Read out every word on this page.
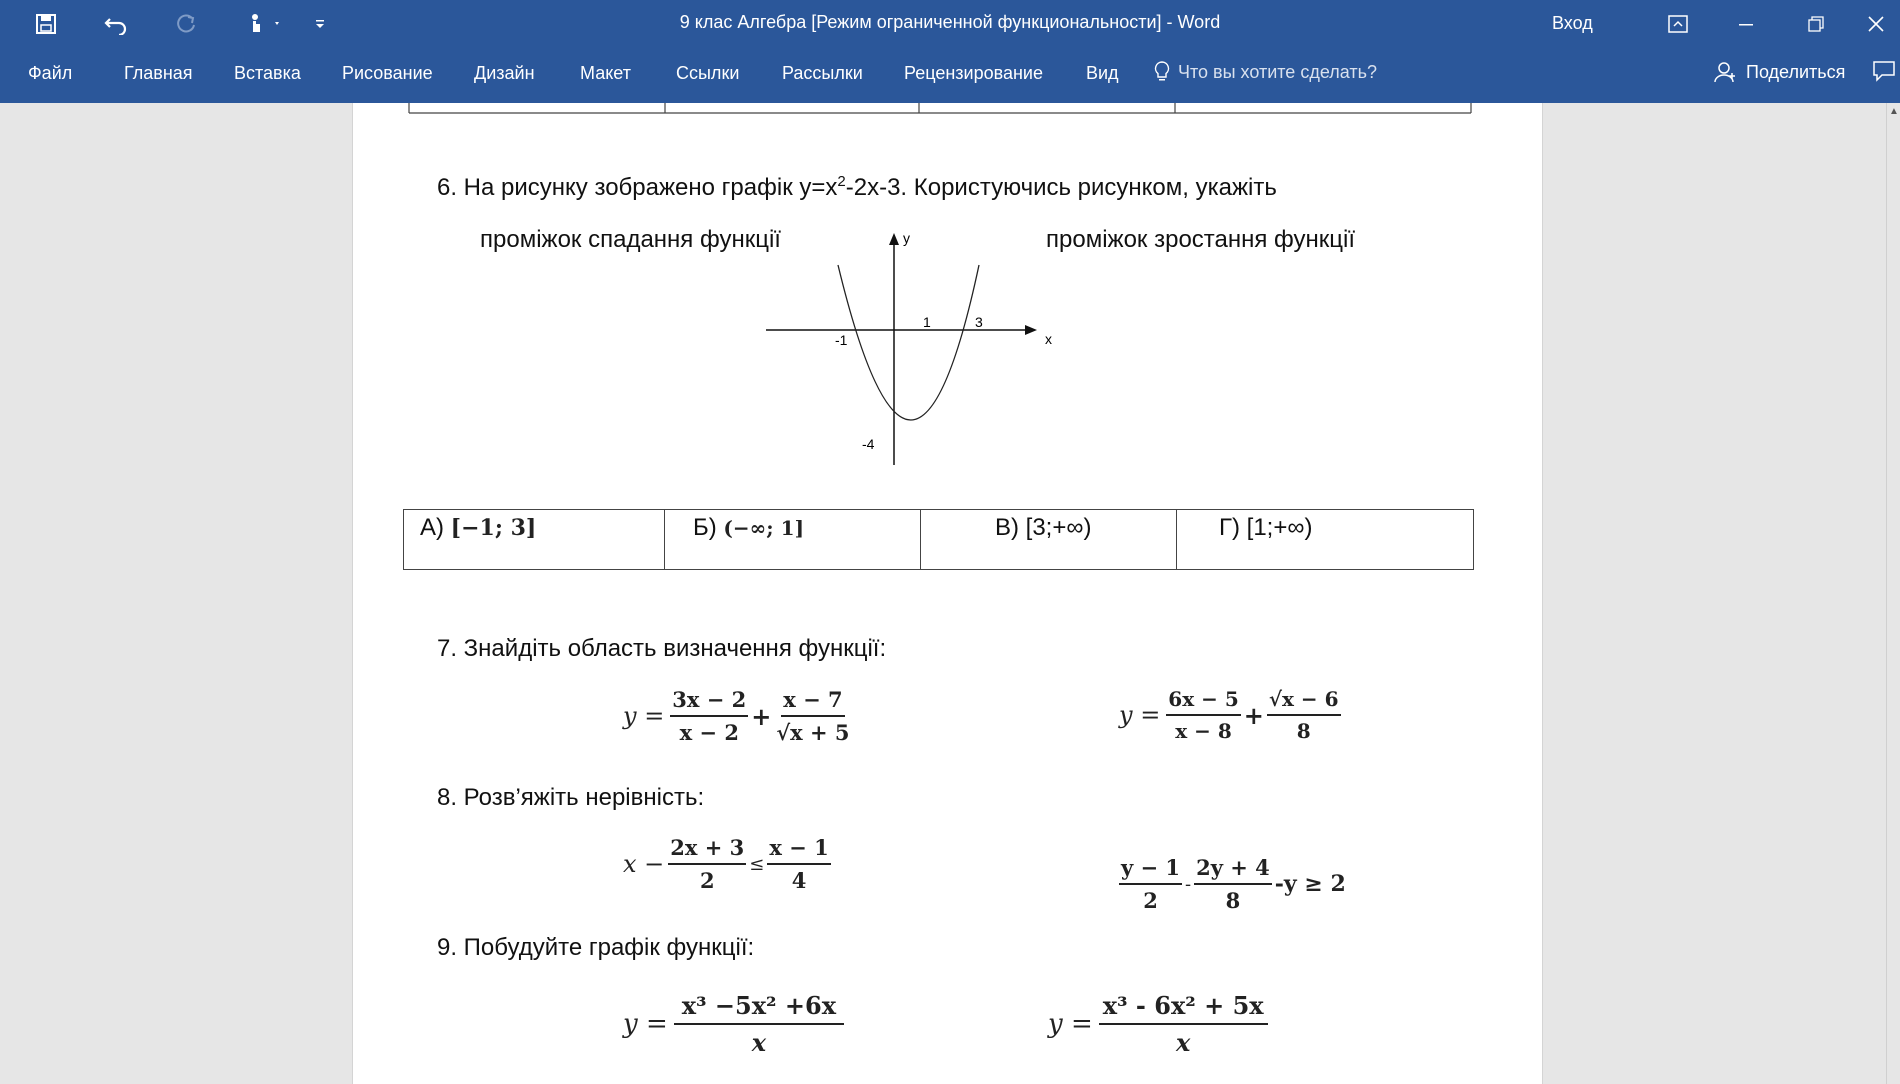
9 клас Алгебра [Режим ограниченной функциональности] - Word	Вход
Файл	Главная Вставка Рисование Дизайн	Макет	Ссылки Рассылки Рецензирование Вид	Что вы хотите сделать?	Поделиться
▲
6. На рисунку зображено графік $у=х^2-2х-3$. Користуючись рисунком, укажіть
проміжок спадання функції	проміжок зростання функції
x
y
-1
1	3
-4
А) [−1; 3]	Б) (−∞; 1]	В) [3;+∞)	Г) [1;+∞)
7. Знайдіть область визначення функції:
$y = \frac{3x - 2}{x - 2} + \frac{x - 7}{√x + 5}$	$y = \frac{6x - 5}{x - 8} + \frac{√x - 6}{8}$
8. Розв’яжіть нерівність:
$x - \frac{2x + 3}{2} \le \frac{x - 1}{4}$	$\frac{y - 1}{2} - \frac{2y + 4}{8} -y \ge 2$
9. Побудуйте графік функції:
$y = \frac{\text{x³ −5x² +6x}}{x}$	$y = \frac{\text{x³ - 6x² + 5x}}{x}$
